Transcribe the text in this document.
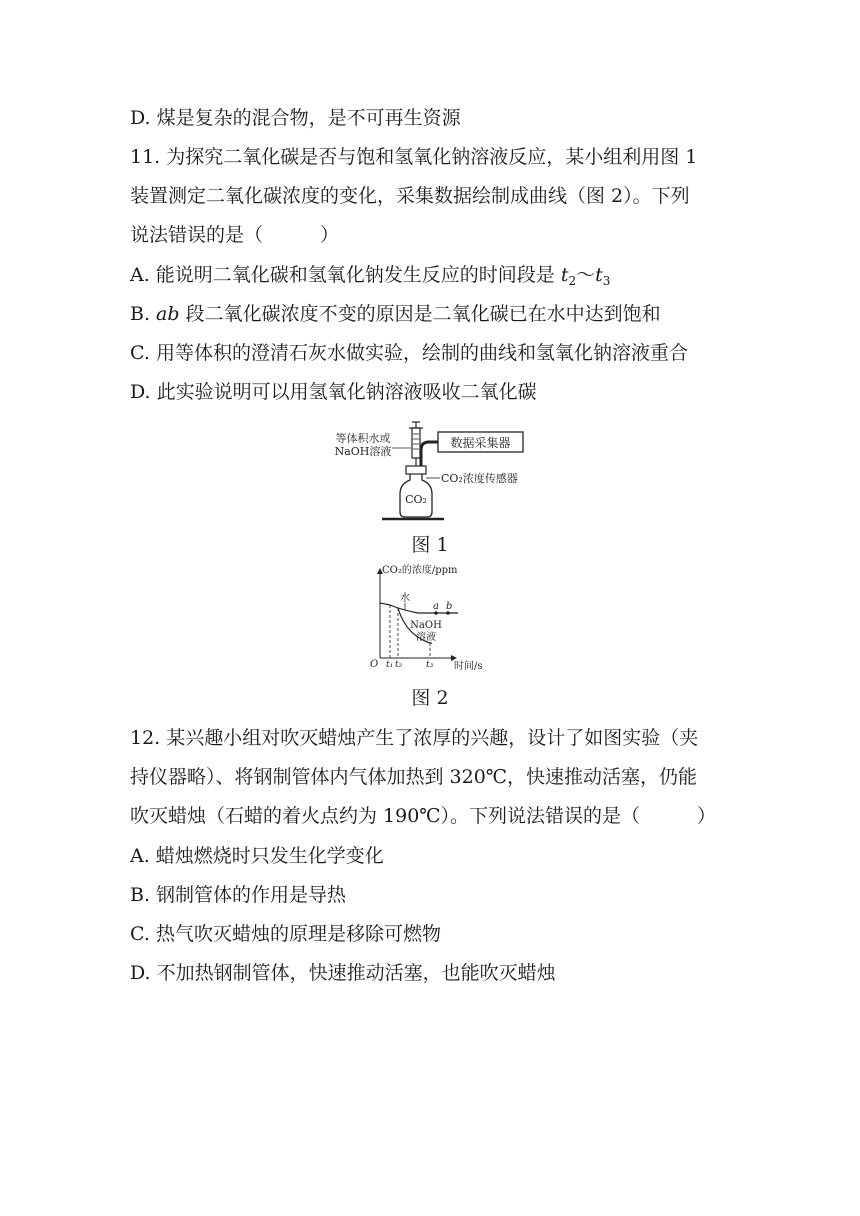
D. 煤是复杂的混合物，是不可再生资源
11. 为探究二氧化碳是否与饱和氢氧化钠溶液反应，某小组利用图 1
装置测定二氧化碳浓度的变化，采集数据绘制成曲线（图 2）。下列
说法错误的是（　　　）
A. 能说明二氧化碳和氢氧化钠发生反应的时间段是 $t_2\sim t_3$
B. ab 段二氧化碳浓度不变的原因是二氧化碳已在水中达到饱和
C. 用等体积的澄清石灰水做实验，绘制的曲线和氢氧化钠溶液重合
D. 此实验说明可以用氢氧化钠溶液吸收二氧化碳
数据采集器
等体积水或
NaOH溶液
CO₂浓度传感器
CO₂
图 1
CO₂的浓度/ppm
时间/s
O t₁ t₂	t₃
水
a b
NaOH
溶液
图 2
12. 某兴趣小组对吹灭蜡烛产生了浓厚的兴趣，设计了如图实验（夹
持仪器略）、将钢制管体内气体加热到 320℃，快速推动活塞，仍能
吹灭蜡烛（石蜡的着火点约为 190℃）。下列说法错误的是（　　　）
A. 蜡烛燃烧时只发生化学变化
B. 钢制管体的作用是导热
C. 热气吹灭蜡烛的原理是移除可燃物
D. 不加热钢制管体，快速推动活塞，也能吹灭蜡烛
